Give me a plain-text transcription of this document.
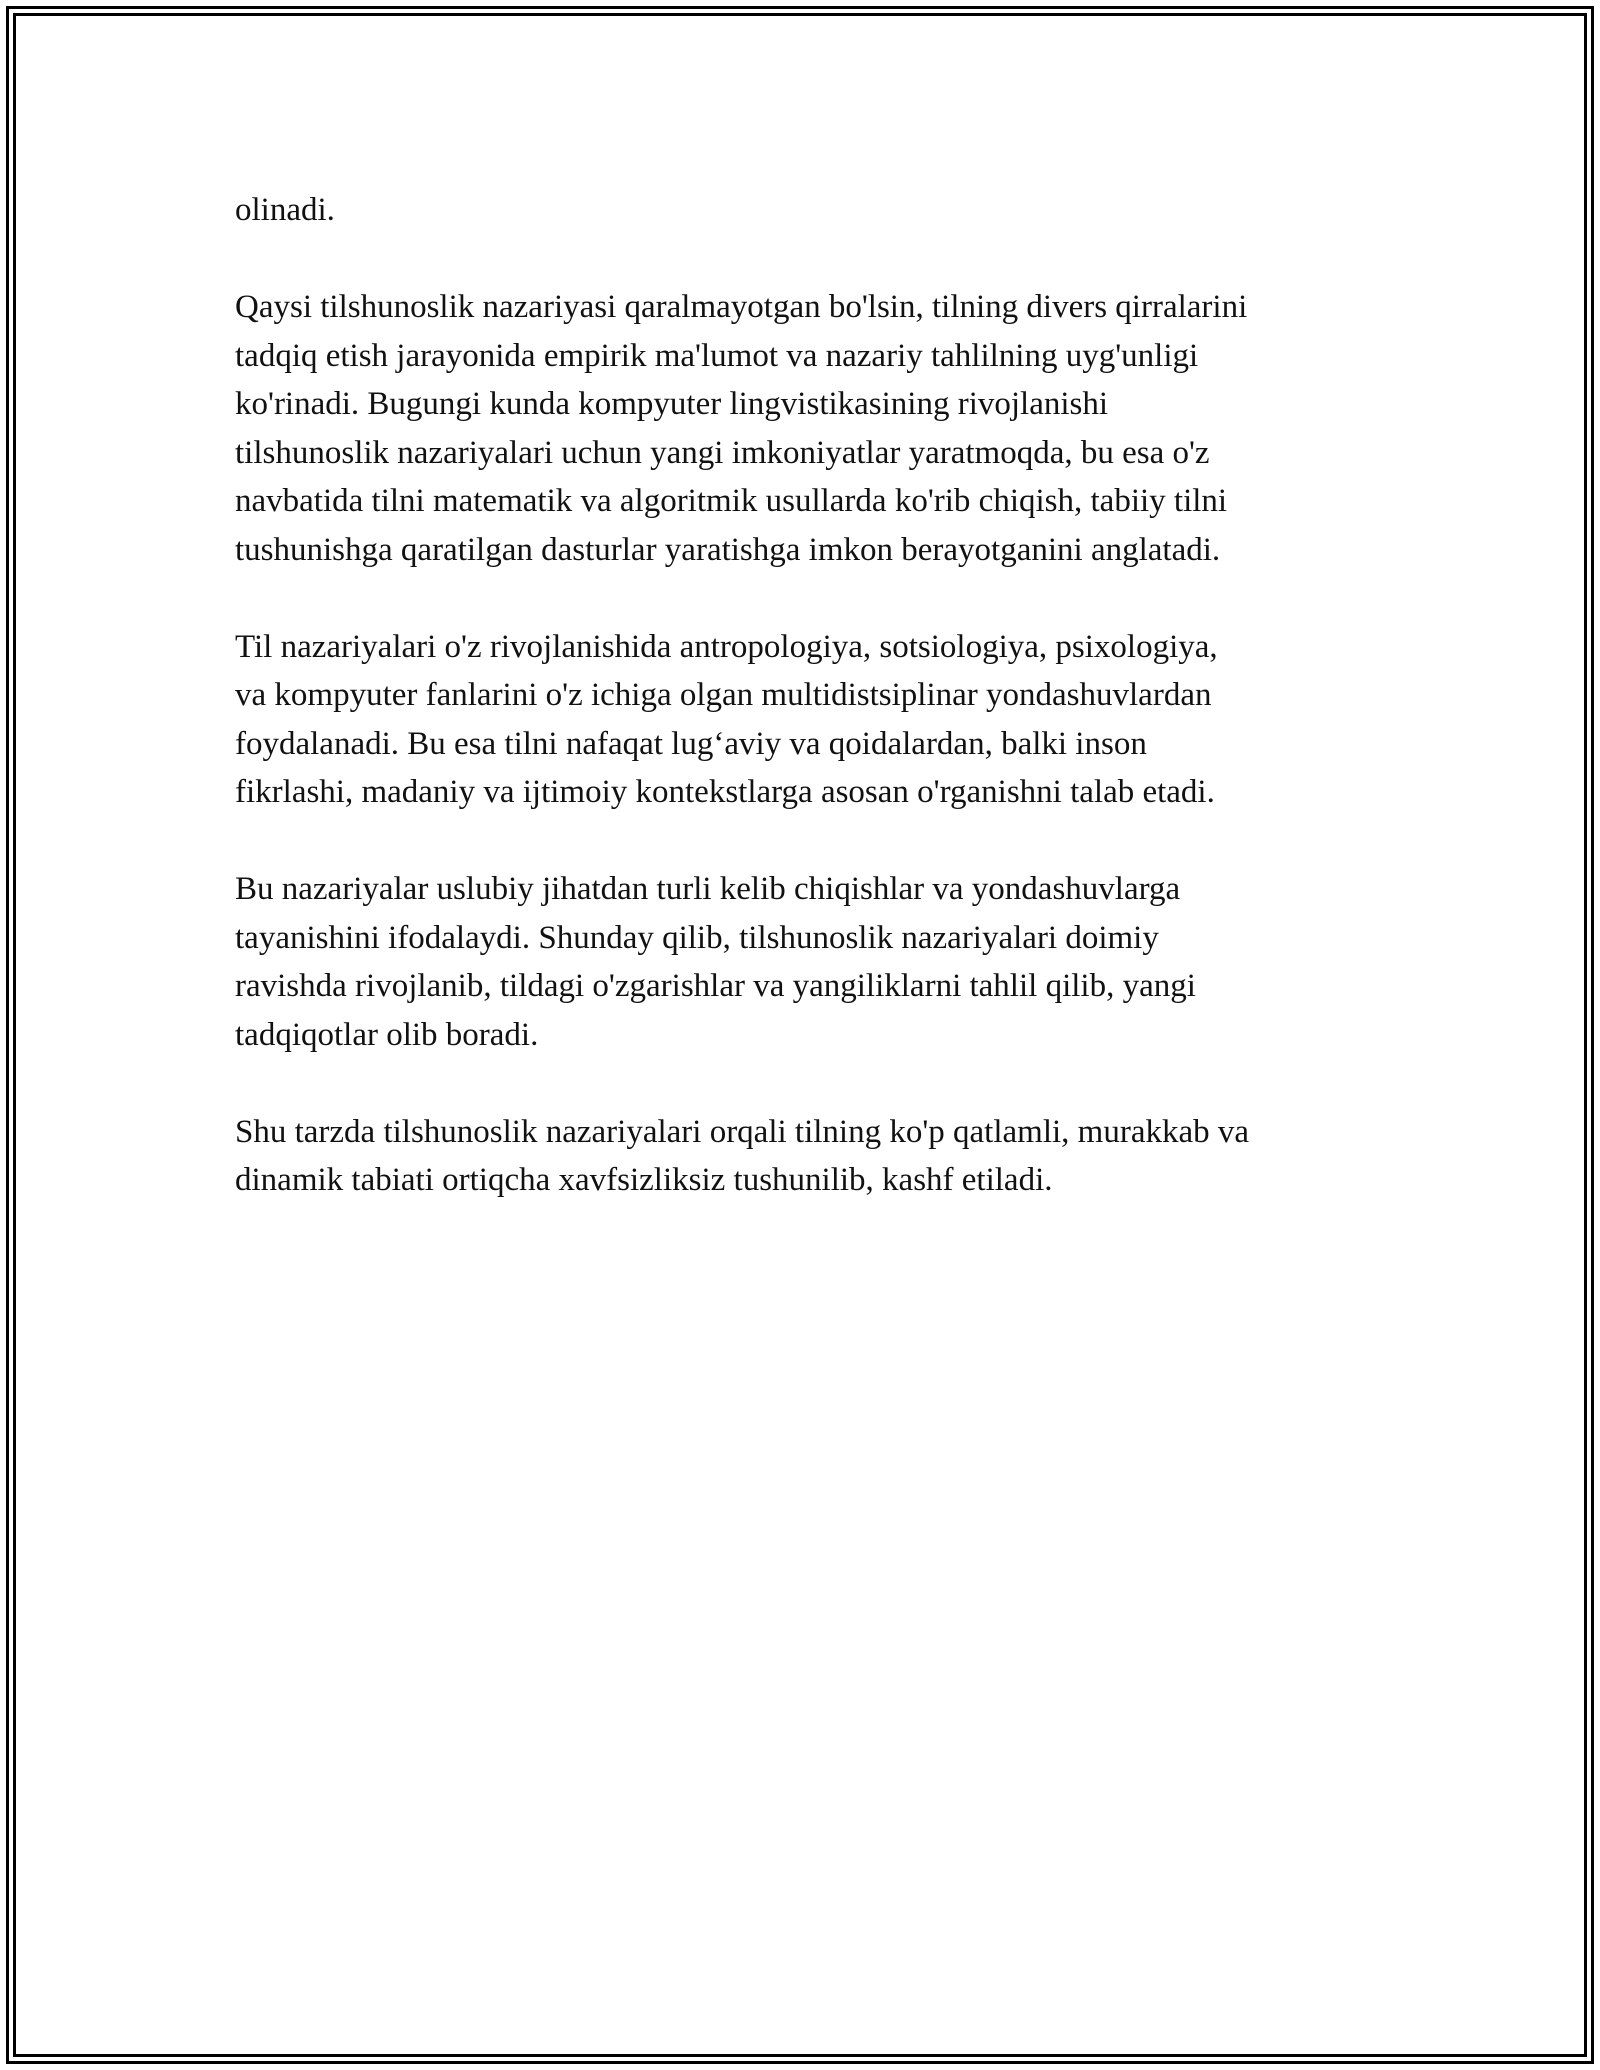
olinadi.

Qaysi tilshunoslik nazariyasi qaralmayotgan bo'lsin, tilning divers qirralarini
tadqiq etish jarayonida empirik ma'lumot va nazariy tahlilning uyg'unligi
ko'rinadi. Bugungi kunda kompyuter lingvistikasining rivojlanishi
tilshunoslik nazariyalari uchun yangi imkoniyatlar yaratmoqda, bu esa o'z
navbatida tilni matematik va algoritmik usullarda ko'rib chiqish, tabiiy tilni
tushunishga qaratilgan dasturlar yaratishga imkon berayotganini anglatadi.

Til nazariyalari o'z rivojlanishida antropologiya, sotsiologiya, psixologiya,
va kompyuter fanlarini o'z ichiga olgan multidistsiplinar yondashuvlardan
foydalanadi. Bu esa tilni nafaqat lug‘aviy va qoidalardan, balki inson
fikrlashi, madaniy va ijtimoiy kontekstlarga asosan o'rganishni talab etadi.

Bu nazariyalar uslubiy jihatdan turli kelib chiqishlar va yondashuvlarga
tayanishini ifodalaydi. Shunday qilib, tilshunoslik nazariyalari doimiy
ravishda rivojlanib, tildagi o'zgarishlar va yangiliklarni tahlil qilib, yangi
tadqiqotlar olib boradi.

Shu tarzda tilshunoslik nazariyalari orqali tilning ko'p qatlamli, murakkab va
dinamik tabiati ortiqcha xavfsizliksiz tushunilib, kashf etiladi.
